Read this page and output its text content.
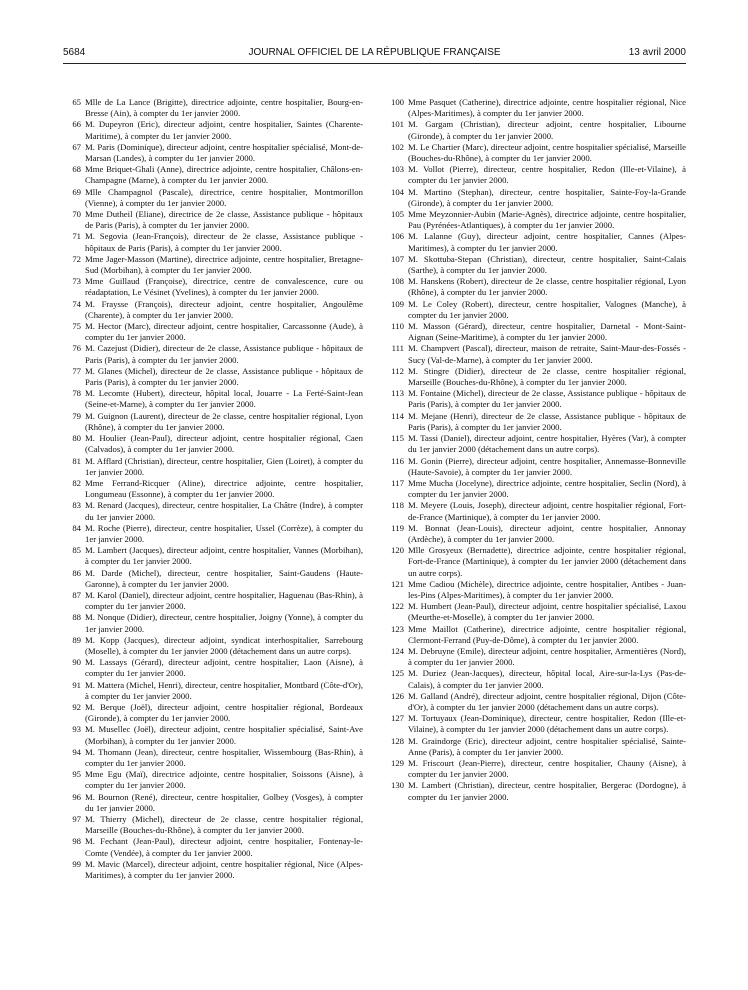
5684	JOURNAL OFFICIEL DE LA RÉPUBLIQUE FRANÇAISE	13 avril 2000

65 Mlle de La Lance (Brigitte), directrice adjointe, centre hospitalier, Bourg-en-Bresse (Ain), à compter du 1er janvier 2000.

66 M. Dupeyron (Eric), directeur adjoint, centre hospitalier, Saintes (Charente-Maritime), à compter du 1er janvier 2000.

67 M. Paris (Dominique), directeur adjoint, centre hospitalier spécialisé, Mont-de-Marsan (Landes), à compter du 1er janvier 2000.

68 Mme Briquet-Ghali (Anne), directrice adjointe, centre hospitalier, Châlons-en-Champagne (Marne), à compter du 1er janvier 2000.

69 Mlle Champagnol (Pascale), directrice, centre hospitalier, Montmorillon (Vienne), à compter du 1er janvier 2000.

70 Mme Dutheil (Eliane), directrice de 2e classe, Assistance publique - hôpitaux de Paris (Paris), à compter du 1er janvier 2000.

71 M. Segovia (Jean-François), directeur de 2e classe, Assistance publique - hôpitaux de Paris (Paris), à compter du 1er janvier 2000.

72 Mme Jager-Masson (Martine), directrice adjointe, centre hospitalier, Bretagne-Sud (Morbihan), à compter du 1er janvier 2000.

73 Mme Guillaud (Françoise), directrice, centre de convalescence, cure ou réadaptation, Le Vésinet (Yvelines), à compter du 1er janvier 2000.

74 M. Fraysse (François), directeur adjoint, centre hospitalier, Angoulême (Charente), à compter du 1er janvier 2000.

75 M. Hector (Marc), directeur adjoint, centre hospitalier, Carcassonne (Aude), à compter du 1er janvier 2000.

76 M. Cazejust (Didier), directeur de 2e classe, Assistance publique - hôpitaux de Paris (Paris), à compter du 1er janvier 2000.

77 M. Glanes (Michel), directeur de 2e classe, Assistance publique - hôpitaux de Paris (Paris), à compter du 1er janvier 2000.

78 M. Lecomte (Hubert), directeur, hôpital local, Jouarre - La Ferté-Saint-Jean (Seine-et-Marne), à compter du 1er janvier 2000.

79 M. Guignon (Laurent), directeur de 2e classe, centre hospitalier régional, Lyon (Rhône), à compter du 1er janvier 2000.

80 M. Houlier (Jean-Paul), directeur adjoint, centre hospitalier régional, Caen (Calvados), à compter du 1er janvier 2000.

81 M. Afflard (Christian), directeur, centre hospitalier, Gien (Loiret), à compter du 1er janvier 2000.

82 Mme Ferrand-Ricquer (Aline), directrice adjointe, centre hospitalier, Longumeau (Essonne), à compter du 1er janvier 2000.

83 M. Renard (Jacques), directeur, centre hospitalier, La Châtre (Indre), à compter du 1er janvier 2000.

84 M. Roche (Pierre), directeur, centre hospitalier, Ussel (Corrèze), à compter du 1er janvier 2000.

85 M. Lambert (Jacques), directeur adjoint, centre hospitalier, Vannes (Morbihan), à compter du 1er janvier 2000.

86 M. Darde (Michel), directeur, centre hospitalier, Saint-Gaudens (Haute-Garonne), à compter du 1er janvier 2000.

87 M. Karol (Daniel), directeur adjoint, centre hospitalier, Haguenau (Bas-Rhin), à compter du 1er janvier 2000.

88 M. Nonque (Didier), directeur, centre hospitalier, Joigny (Yonne), à compter du 1er janvier 2000.

89 M. Kopp (Jacques), directeur adjoint, syndicat interhospitalier, Sarrebourg (Moselle), à compter du 1er janvier 2000 (détachement dans un autre corps).

90 M. Lassays (Gérard), directeur adjoint, centre hospitalier, Laon (Aisne), à compter du 1er janvier 2000.

91 M. Mattera (Michel, Henri), directeur, centre hospitalier, Montbard (Côte-d'Or), à compter du 1er janvier 2000.

92 M. Berque (Joël), directeur adjoint, centre hospitalier régional, Bordeaux (Gironde), à compter du 1er janvier 2000.

93 M. Musellec (Joël), directeur adjoint, centre hospitalier spécialisé, Saint-Ave (Morbihan), à compter du 1er janvier 2000.

94 M. Thomann (Jean), directeur, centre hospitalier, Wissembourg (Bas-Rhin), à compter du 1er janvier 2000.

95 Mme Egu (Maï), directrice adjointe, centre hospitalier, Soissons (Aisne), à compter du 1er janvier 2000.

96 M. Bournon (René), directeur, centre hospitalier, Golbey (Vosges), à compter du 1er janvier 2000.

97 M. Thierry (Michel), directeur de 2e classe, centre hospitalier régional, Marseille (Bouches-du-Rhône), à compter du 1er janvier 2000.

98 M. Fechant (Jean-Paul), directeur adjoint, centre hospitalier, Fontenay-le-Comte (Vendée), à compter du 1er janvier 2000.

99 M. Mavic (Marcel), directeur adjoint, centre hospitalier régional, Nice (Alpes-Maritimes), à compter du 1er janvier 2000.

100 Mme Pasquet (Catherine), directrice adjointe, centre hospitalier régional, Nice (Alpes-Maritimes), à compter du 1er janvier 2000.

101 M. Gargam (Christian), directeur adjoint, centre hospitalier, Libourne (Gironde), à compter du 1er janvier 2000.

102 M. Le Chartier (Marc), directeur adjoint, centre hospitalier spécialisé, Marseille (Bouches-du-Rhône), à compter du 1er janvier 2000.

103 M. Vollot (Pierre), directeur, centre hospitalier, Redon (Ille-et-Vilaine), à compter du 1er janvier 2000.

104 M. Martino (Stephan), directeur, centre hospitalier, Sainte-Foy-la-Grande (Gironde), à compter du 1er janvier 2000.

105 Mme Meyzonnier-Aubin (Marie-Agnès), directrice adjointe, centre hospitalier, Pau (Pyrénées-Atlantiques), à compter du 1er janvier 2000.

106 M. Lalanne (Guy), directeur adjoint, centre hospitalier, Cannes (Alpes-Maritimes), à compter du 1er janvier 2000.

107 M. Skottuba-Stepan (Christian), directeur, centre hospitalier, Saint-Calais (Sarthe), à compter du 1er janvier 2000.

108 M. Hanskens (Robert), directeur de 2e classe, centre hospitalier régional, Lyon (Rhône), à compter du 1er janvier 2000.

109 M. Le Coley (Robert), directeur, centre hospitalier, Valognes (Manche), à compter du 1er janvier 2000.

110 M. Masson (Gérard), directeur, centre hospitalier, Darnetal - Mont-Saint-Aignan (Seine-Maritime), à compter du 1er janvier 2000.

111 M. Champvert (Pascal), directeur, maison de retraite, Saint-Maur-des-Fossés - Sucy (Val-de-Marne), à compter du 1er janvier 2000.

112 M. Stingre (Didier), directeur de 2e classe, centre hospitalier régional, Marseille (Bouches-du-Rhône), à compter du 1er janvier 2000.

113 M. Fontaine (Michel), directeur de 2e classe, Assistance publique - hôpitaux de Paris (Paris), à compter du 1er janvier 2000.

114 M. Mejane (Henri), directeur de 2e classe, Assistance publique - hôpitaux de Paris (Paris), à compter du 1er janvier 2000.

115 M. Tassi (Daniel), directeur adjoint, centre hospitalier, Hyères (Var), à compter du 1er janvier 2000 (détachement dans un autre corps).

116 M. Gonin (Pierre), directeur adjoint, centre hospitalier, Annemasse-Bonneville (Haute-Savoie), à compter du 1er janvier 2000.

117 Mme Mucha (Jocelyne), directrice adjointe, centre hospitalier, Seclin (Nord), à compter du 1er janvier 2000.

118 M. Meyere (Louis, Joseph), directeur adjoint, centre hospitalier régional, Fort-de-France (Martinique), à compter du 1er janvier 2000.

119 M. Bonnat (Jean-Louis), directeur adjoint, centre hospitalier, Annonay (Ardèche), à compter du 1er janvier 2000.

120 Mlle Grosyeux (Bernadette), directrice adjointe, centre hospitalier régional, Fort-de-France (Martinique), à compter du 1er janvier 2000 (détachement dans un autre corps).

121 Mme Cadiou (Michèle), directrice adjointe, centre hospitalier, Antibes - Juan-les-Pins (Alpes-Maritimes), à compter du 1er janvier 2000.

122 M. Humbert (Jean-Paul), directeur adjoint, centre hospitalier spécialisé, Laxou (Meurthe-et-Moselle), à compter du 1er janvier 2000.

123 Mme Maillot (Catherine), directrice adjointe, centre hospitalier régional, Clermont-Ferrand (Puy-de-Dôme), à compter du 1er janvier 2000.

124 M. Debruyne (Emile), directeur adjoint, centre hospitalier, Armentières (Nord), à compter du 1er janvier 2000.

125 M. Duriez (Jean-Jacques), directeur, hôpital local, Aire-sur-la-Lys (Pas-de-Calais), à compter du 1er janvier 2000.

126 M. Galland (André), directeur adjoint, centre hospitalier régional, Dijon (Côte-d'Or), à compter du 1er janvier 2000 (détachement dans un autre corps).

127 M. Tortuyaux (Jean-Dominique), directeur, centre hospitalier, Redon (Ille-et-Vilaine), à compter du 1er janvier 2000 (détachement dans un autre corps).

128 M. Graindorge (Eric), directeur adjoint, centre hospitalier spécialisé, Sainte-Anne (Paris), à compter du 1er janvier 2000.

129 M. Friscourt (Jean-Pierre), directeur, centre hospitalier, Chauny (Aisne), à compter du 1er janvier 2000.

130 M. Lambert (Christian), directeur, centre hospitalier, Bergerac (Dordogne), à compter du 1er janvier 2000.
